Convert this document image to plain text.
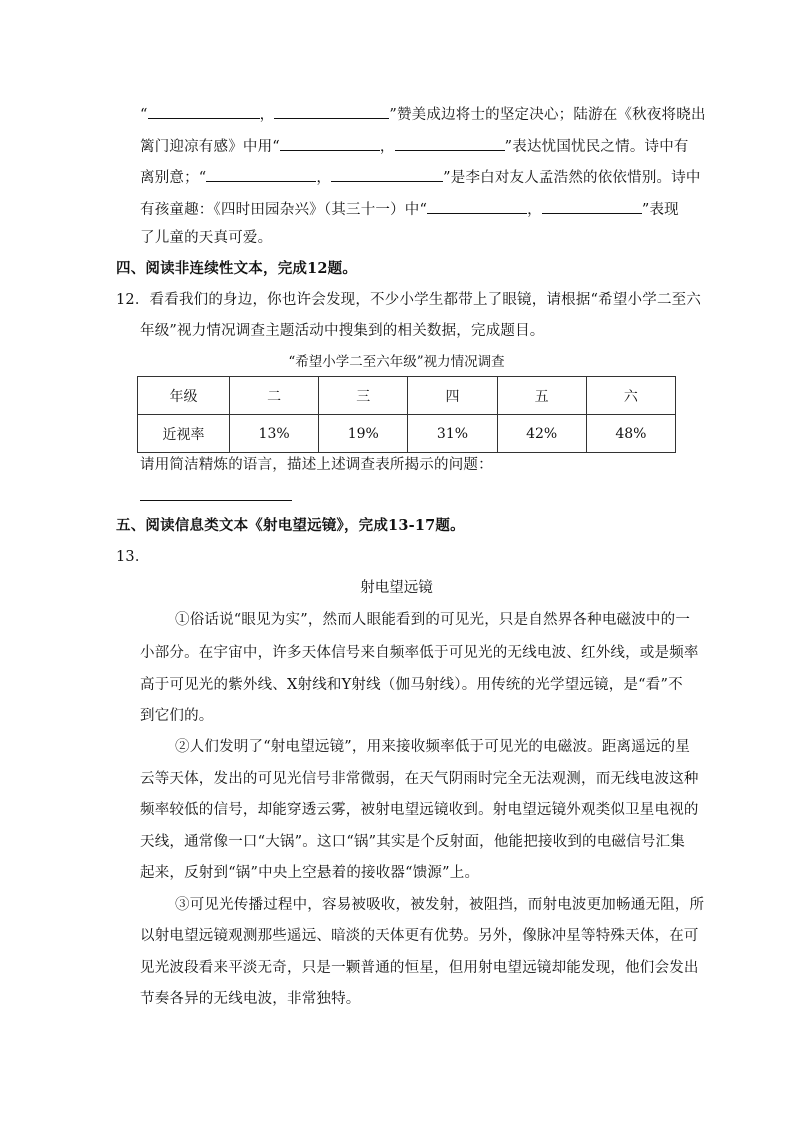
“	，	”赞美成边将士的坚定决心；陆游在《秋夜将晓出
篱门迎凉有感》中用“	，	”表达忧国忧民之情。诗中有
离别意；“	，	”是李白对友人孟浩然的依依惜别。诗中
有孩童趣：《四时田园杂兴》（其三十一）中“	，	”表现
了儿童的天真可爱。
四、阅读非连续性文本，完成12题。
12．看看我们的身边，你也许会发现，不少小学生都带上了眼镜，请根据“希望小学二至六
年级”视力情况调查主题活动中搜集到的相关数据，完成题目。
“希望小学二至六年级”视力情况调查
年级	二	三	四	五	六
近视率	13%	19%	31%	42%	48%
请用简洁精炼的语言，描述上述调查表所揭示的问题：
五、阅读信息类文本《射电望远镜》，完成13-17题。
13．
射电望远镜
①俗话说“眼见为实”，然而人眼能看到的可见光，只是自然界各种电磁波中的一
小部分。在宇宙中，许多天体信号来自频率低于可见光的无线电波、红外线，或是频率
高于可见光的紫外线、X射线和Y射线（伽马射线）。用传统的光学望远镜，是“看”不
到它们的。
②人们发明了“射电望远镜”，用来接收频率低于可见光的电磁波。距离遥远的星
云等天体，发出的可见光信号非常微弱，在天气阴雨时完全无法观测，而无线电波这种
频率较低的信号，却能穿透云雾，被射电望远镜收到。射电望远镜外观类似卫星电视的
天线，通常像一口“大锅”。这口“锅”其实是个反射面，他能把接收到的电磁信号汇集
起来，反射到“锅”中央上空悬着的接收器“馈源”上。
③可见光传播过程中，容易被吸收，被发射，被阻挡，而射电波更加畅通无阻，所
以射电望远镜观测那些遥远、暗淡的天体更有优势。另外，像脉冲星等特殊天体，在可
见光波段看来平淡无奇，只是一颗普通的恒星，但用射电望远镜却能发现，他们会发出
节奏各异的无线电波，非常独特。
